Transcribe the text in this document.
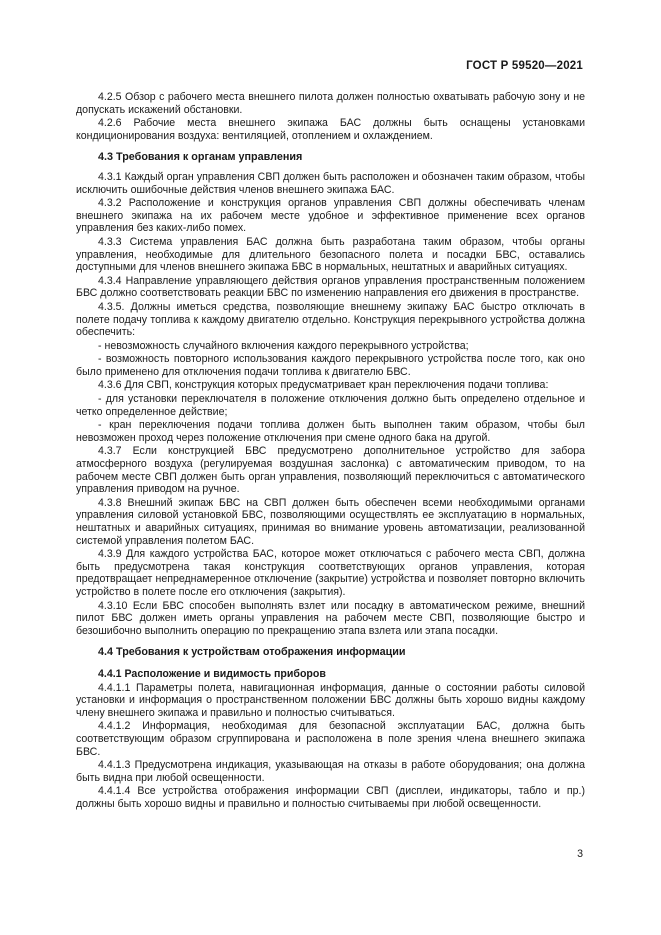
ГОСТ Р 59520—2021

4.2.5 Обзор с рабочего места внешнего пилота должен полностью охватывать рабочую зону и не допускать искажений обстановки.

4.2.6 Рабочие места внешнего экипажа БАС должны быть оснащены установками кондиционирования воздуха: вентиляцией, отоплением и охлаждением.

4.3 Требования к органам управления

4.3.1 Каждый орган управления СВП должен быть расположен и обозначен таким образом, чтобы исключить ошибочные действия членов внешнего экипажа БАС.

4.3.2 Расположение и конструкция органов управления СВП должны обеспечивать членам внешнего экипажа на их рабочем месте удобное и эффективное применение всех органов управления без каких-либо помех.

4.3.3 Система управления БАС должна быть разработана таким образом, чтобы органы управления, необходимые для длительного безопасного полета и посадки БВС, оставались доступными для членов внешнего экипажа БВС в нормальных, нештатных и аварийных ситуациях.

4.3.4 Направление управляющего действия органов управления пространственным положением БВС должно соответствовать реакции БВС по изменению направления его движения в пространстве.

4.3.5. Должны иметься средства, позволяющие внешнему экипажу БАС быстро отключать в полете подачу топлива к каждому двигателю отдельно. Конструкция перекрывного устройства должна обеспечить:

- невозможность случайного включения каждого перекрывного устройства;

- возможность повторного использования каждого перекрывного устройства после того, как оно было применено для отключения подачи топлива к двигателю БВС.

4.3.6 Для СВП, конструкция которых предусматривает кран переключения подачи топлива:

- для установки переключателя в положение отключения должно быть определено отдельное и четко определенное действие;

- кран переключения подачи топлива должен быть выполнен таким образом, чтобы был невозможен проход через положение отключения при смене одного бака на другой.

4.3.7 Если конструкцией БВС предусмотрено дополнительное устройство для забора атмосферного воздуха (регулируемая воздушная заслонка) с автоматическим приводом, то на рабочем месте СВП должен быть орган управления, позволяющий переключиться с автоматического управления приводом на ручное.

4.3.8 Внешний экипаж БВС на СВП должен быть обеспечен всеми необходимыми органами управления силовой установкой БВС, позволяющими осуществлять ее эксплуатацию в нормальных, нештатных и аварийных ситуациях, принимая во внимание уровень автоматизации, реализованной системой управления полетом БАС.

4.3.9 Для каждого устройства БАС, которое может отключаться с рабочего места СВП, должна быть предусмотрена такая конструкция соответствующих органов управления, которая предотвращает непреднамеренное отключение (закрытие) устройства и позволяет повторно включить устройство в полете после его отключения (закрытия).

4.3.10 Если БВС способен выполнять взлет или посадку в автоматическом режиме, внешний пилот БВС должен иметь органы управления на рабочем месте СВП, позволяющие быстро и безошибочно выполнить операцию по прекращению этапа взлета или этапа посадки.

4.4 Требования к устройствам отображения информации
4.4.1 Расположение и видимость приборов

4.4.1.1 Параметры полета, навигационная информация, данные о состоянии работы силовой установки и информация о пространственном положении БВС должны быть хорошо видны каждому члену внешнего экипажа и правильно и полностью считываться.

4.4.1.2 Информация, необходимая для безопасной эксплуатации БАС, должна быть соответствующим образом сгруппирована и расположена в поле зрения члена внешнего экипажа БВС.

4.4.1.3 Предусмотрена индикация, указывающая на отказы в работе оборудования; она должна быть видна при любой освещенности.

4.4.1.4 Все устройства отображения информации СВП (дисплеи, индикаторы, табло и пр.) должны быть хорошо видны и правильно и полностью считываемы при любой освещенности.

3
